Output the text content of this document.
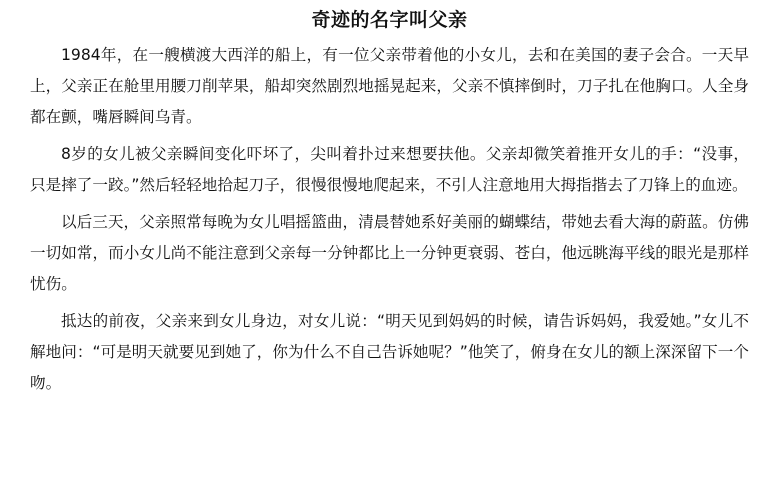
奇迹的名字叫父亲
1984年，在一艘横渡大西洋的船上，有一位父亲带着他的小女儿，去和在美国的妻子会合。一天早上，父亲正在舱里用腰刀削苹果，船却突然剧烈地摇晃起来，父亲不慎摔倒时，刀子扎在他胸口。人全身都在颤，嘴唇瞬间乌青。
8岁的女儿被父亲瞬间变化吓坏了，尖叫着扑过来想要扶他。父亲却微笑着推开女儿的手：“没事，只是摔了一跤。”然后轻轻地拾起刀子，很慢很慢地爬起来，不引人注意地用大拇指揩去了刀锋上的血迹。
以后三天，父亲照常每晚为女儿唱摇篮曲，清晨替她系好美丽的蝴蝶结，带她去看大海的蔚蓝。仿佛一切如常，而小女儿尚不能注意到父亲每一分钟都比上一分钟更衰弱、苍白，他远眺海平线的眼光是那样忧伤。
抵达的前夜，父亲来到女儿身边，对女儿说：“明天见到妈妈的时候，请告诉妈妈，我爱她。”女儿不解地问：“可是明天就要见到她了，你为什么不自己告诉她呢？”他笑了，俯身在女儿的额上深深留下一个吻。
